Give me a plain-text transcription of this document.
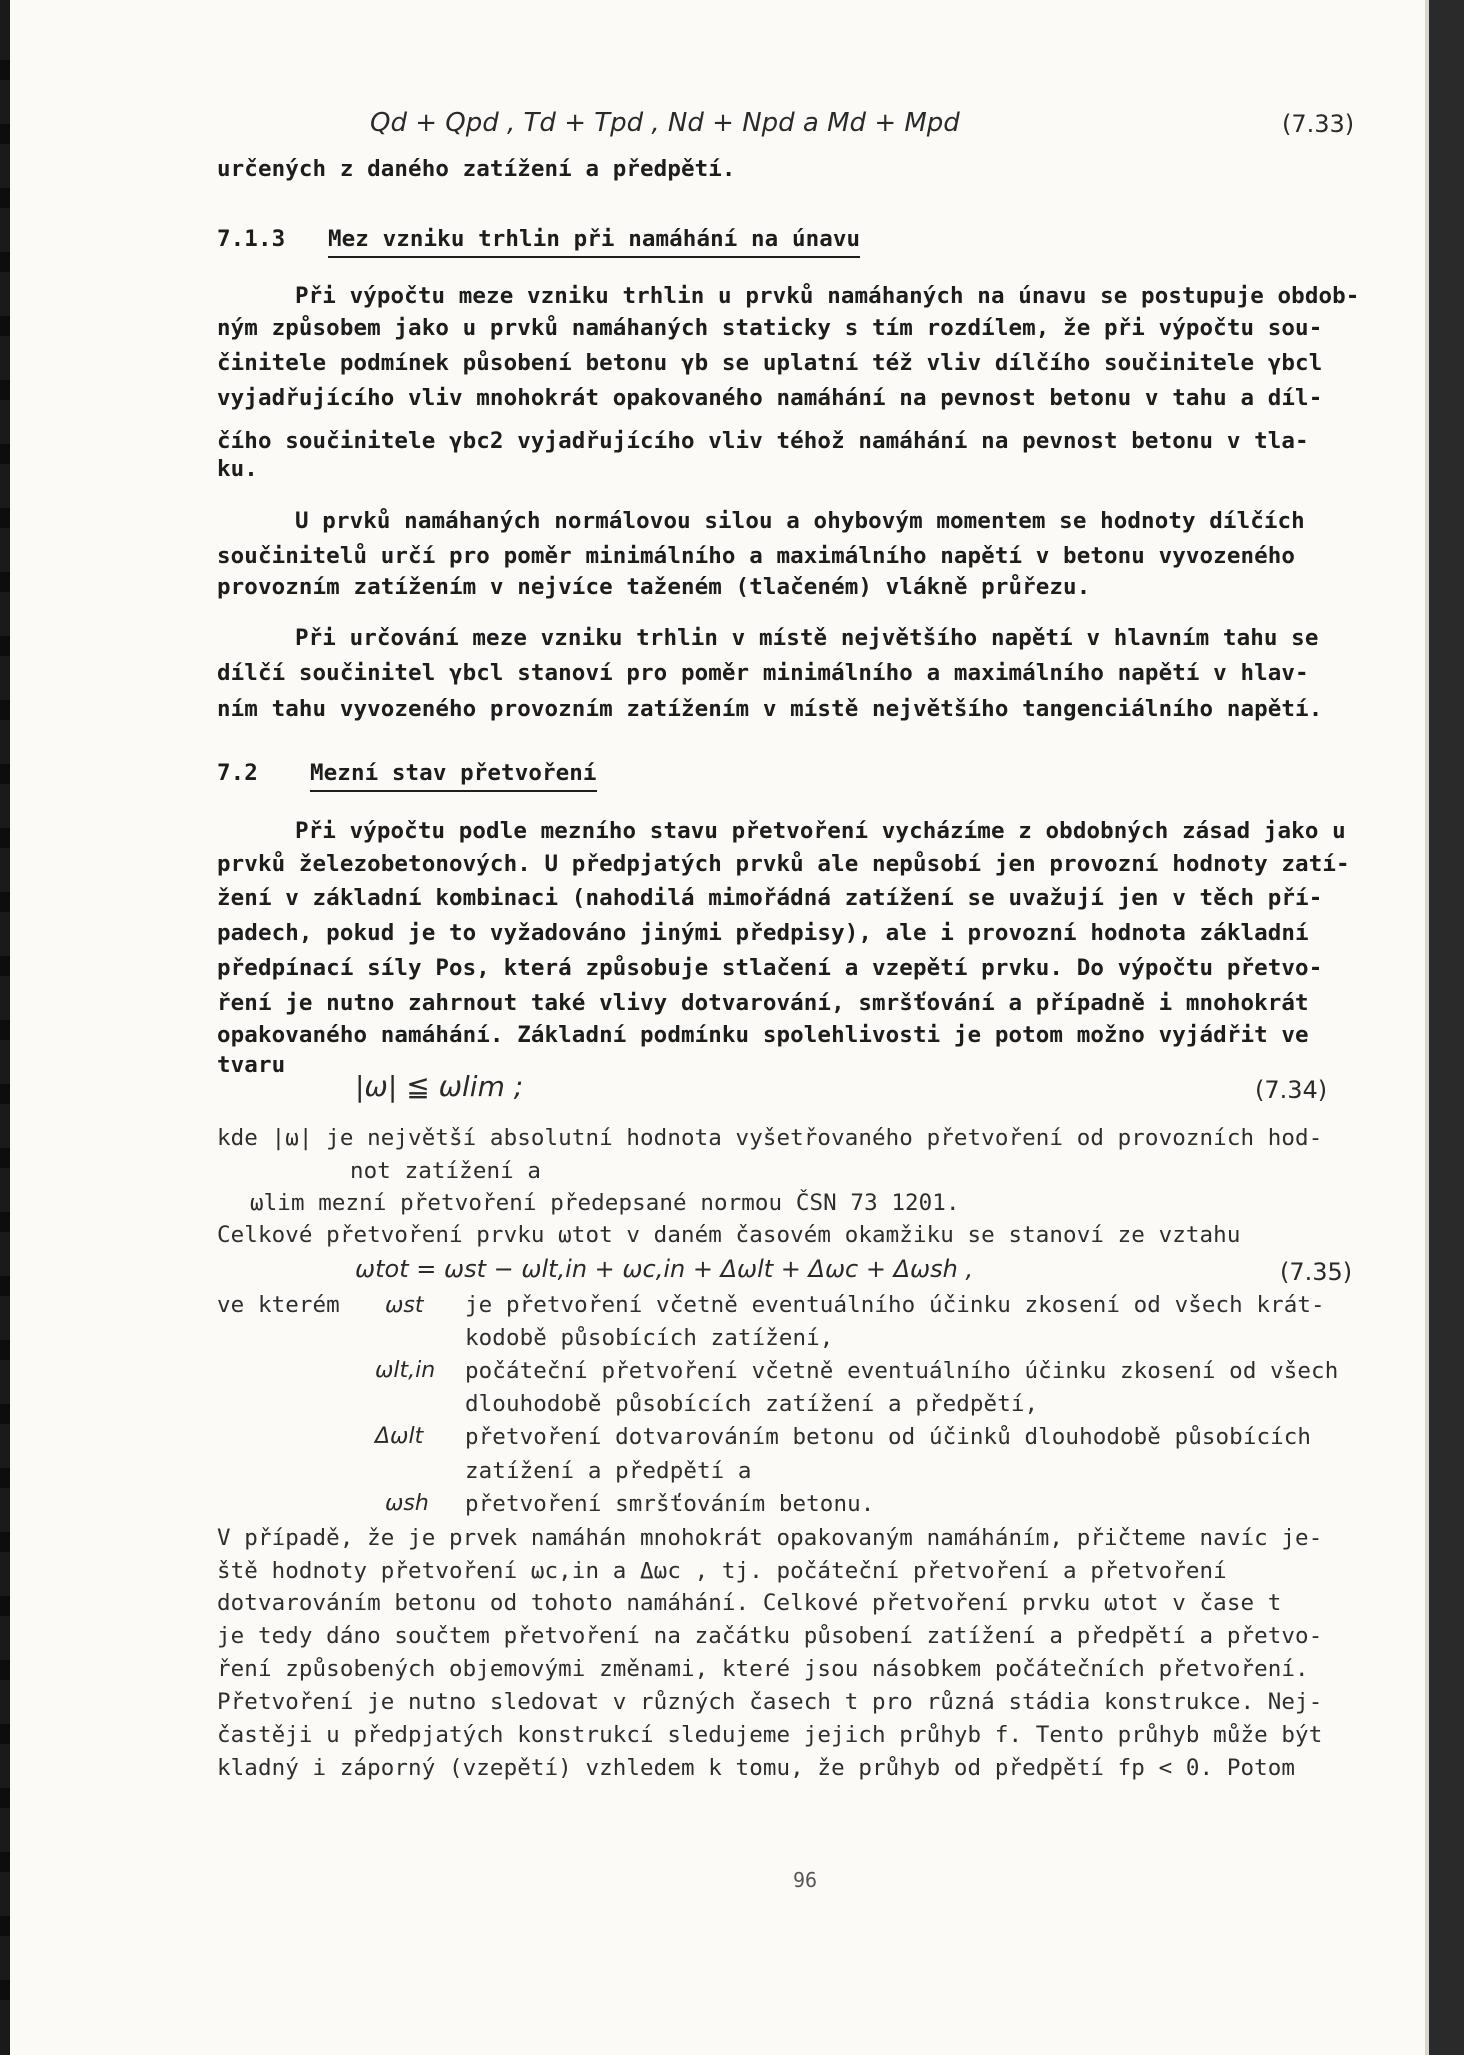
Qd + Qpd , Td + Tpd , Nd + Npd a Md + Mpd	(7.33)
určených z daného zatížení a předpětí.
7.1.3 Mez vzniku trhlin při namáhání na únavu
Při výpočtu meze vzniku trhlin u prvků namáhaných na únavu se postupuje obdob-
ným způsobem jako u prvků namáhaných staticky s tím rozdílem, že při výpočtu sou-
činitele podmínek působení betonu γb se uplatní též vliv dílčího součinitele γbcl
vyjadřujícího vliv mnohokrát opakovaného namáhání na pevnost betonu v tahu a díl-
čího součinitele γbc2 vyjadřujícího vliv téhož namáhání na pevnost betonu v tla-
ku.
U prvků namáhaných normálovou silou a ohybovým momentem se hodnoty dílčích
součinitelů určí pro poměr minimálního a maximálního napětí v betonu vyvozeného
provozním zatížením v nejvíce taženém (tlačeném) vlákně průřezu.
Při určování meze vzniku trhlin v místě největšího napětí v hlavním tahu se
dílčí součinitel γbcl stanoví pro poměr minimálního a maximálního napětí v hlav-
ním tahu vyvozeného provozním zatížením v místě největšího tangenciálního napětí.
7.2 Mezní stav přetvoření
Při výpočtu podle mezního stavu přetvoření vycházíme z obdobných zásad jako u
prvků železobetonových. U předpjatých prvků ale nepůsobí jen provozní hodnoty zatí-
žení v základní kombinaci (nahodilá mimořádná zatížení se uvažují jen v těch pří-
padech, pokud je to vyžadováno jinými předpisy), ale i provozní hodnota základní
předpínací síly Pos, která způsobuje stlačení a vzepětí prvku. Do výpočtu přetvo-
ření je nutno zahrnout také vlivy dotvarování, smršťování a případně i mnohokrát
opakovaného namáhání. Základní podmínku spolehlivosti je potom možno vyjádřit ve
tvaru
|ω| ≦ ωlim ;	(7.34)
kde |ω| je největší absolutní hodnota vyšetřovaného přetvoření od provozních hod-
not zatížení a
ωlim mezní přetvoření předepsané normou ČSN 73 1201.
Celkové přetvoření prvku ωtot v daném časovém okamžiku se stanoví ze vztahu
ωtot = ωst − ωlt,in + ωc,in + Δωlt + Δωc + Δωsh ,	(7.35)
ve kterém ωst je přetvoření včetně eventuálního účinku zkosení od všech krát-
kodobě působících zatížení,
ωlt,in počáteční přetvoření včetně eventuálního účinku zkosení od všech
dlouhodobě působících zatížení a předpětí,
Δωlt přetvoření dotvarováním betonu od účinků dlouhodobě působících
zatížení a předpětí a
ωsh přetvoření smršťováním betonu.
V případě, že je prvek namáhán mnohokrát opakovaným namáháním, přičteme navíc je-
ště hodnoty přetvoření ωc,in a Δωc , tj. počáteční přetvoření a přetvoření
dotvarováním betonu od tohoto namáhání. Celkové přetvoření prvku ωtot v čase t
je tedy dáno součtem přetvoření na začátku působení zatížení a předpětí a přetvo-
ření způsobených objemovými změnami, které jsou násobkem počátečních přetvoření.
Přetvoření je nutno sledovat v různých časech t pro různá stádia konstrukce. Nej-
častěji u předpjatých konstrukcí sledujeme jejich průhyb f. Tento průhyb může být
kladný i záporný (vzepětí) vzhledem k tomu, že průhyb od předpětí fp < 0. Potom
96
